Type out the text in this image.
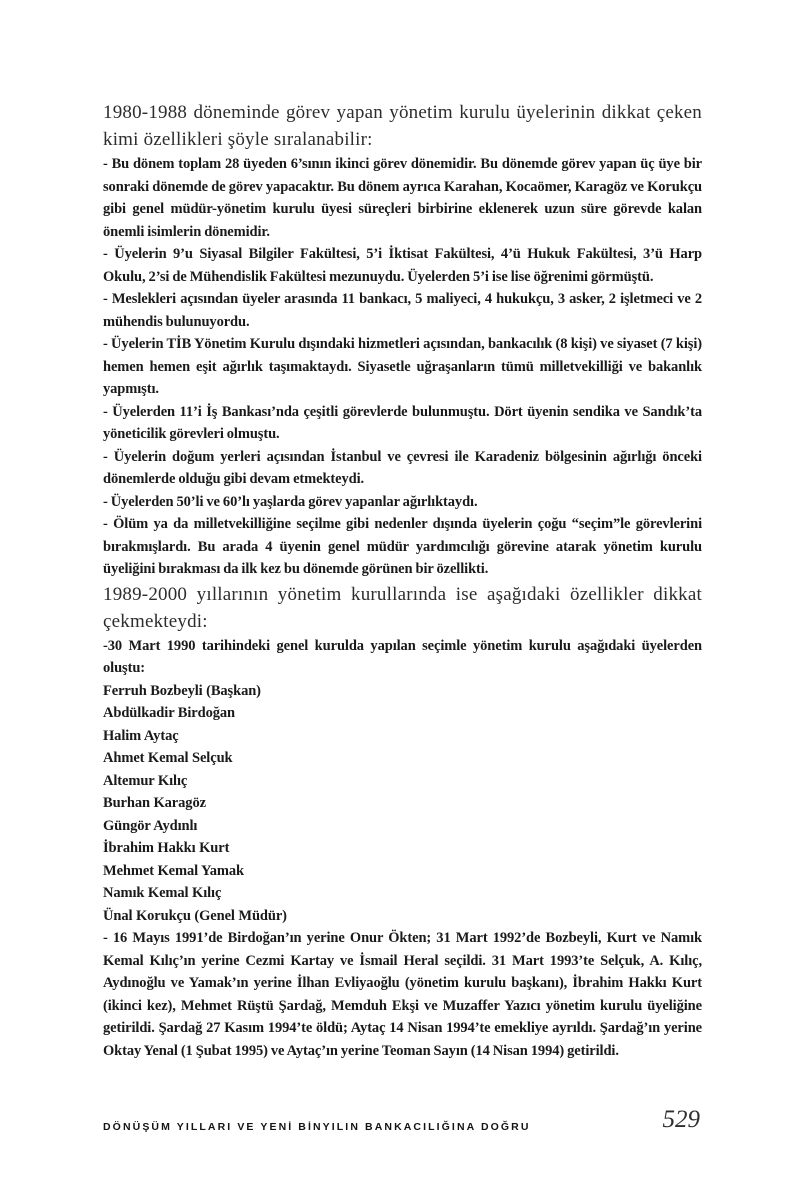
1980-1988 döneminde görev yapan yönetim kurulu üyelerinin dikkat çeken kimi özellikleri şöyle sıralanabilir:

- Bu dönem toplam 28 üyeden 6’sının ikinci görev dönemidir. Bu dönemde görev yapan üç üye bir sonraki dönemde de görev yapacaktır. Bu dönem ayrıca Karahan, Kocaömer, Karagöz ve Korukçu gibi genel müdür-yönetim kurulu üyesi süreçleri birbirine eklenerek uzun süre görevde kalan önemli isimlerin dönemidir.

- Üyelerin 9’u Siyasal Bilgiler Fakültesi, 5’i İktisat Fakültesi, 4’ü Hukuk Fakültesi, 3’ü Harp Okulu, 2’si de Mühendislik Fakültesi mezunuydu. Üyelerden 5’i ise lise öğrenimi görmüştü.

- Meslekleri açısından üyeler arasında 11 bankacı, 5 maliyeci, 4 hukukçu, 3 asker, 2 işletmeci ve 2 mühendis bulunuyordu.

- Üyelerin TİB Yönetim Kurulu dışındaki hizmetleri açısından, bankacılık (8 kişi) ve siyaset (7 kişi) hemen hemen eşit ağırlık taşımaktaydı. Siyasetle uğraşanların tümü milletvekilliği ve bakanlık yapmıştı.

- Üyelerden 11’i İş Bankası’nda çeşitli görevlerde bulunmuştu. Dört üyenin sendika ve Sandık’ta yöneticilik görevleri olmuştu.

- Üyelerin doğum yerleri açısından İstanbul ve çevresi ile Karadeniz bölgesinin ağırlığı önceki dönemlerde olduğu gibi devam etmekteydi.

- Üyelerden 50’li ve 60’lı yaşlarda görev yapanlar ağırlıktaydı.

- Ölüm ya da milletvekilliğine seçilme gibi nedenler dışında üyelerin çoğu “seçim”le görevlerini bırakmışlardı. Bu arada 4 üyenin genel müdür yardımcılığı görevine atarak yönetim kurulu üyeliğini bırakması da ilk kez bu dönemde görünen bir özellikti.

1989-2000 yıllarının yönetim kurullarında ise aşağıdaki özellikler dikkat çekmekteydi:

-30 Mart 1990 tarihindeki genel kurulda yapılan seçimle yönetim kurulu aşağıdaki üyelerden oluştu:

Ferruh Bozbeyli (Başkan)
Abdülkadir Birdoğan
Halim Aytaç
Ahmet Kemal Selçuk
Altemur Kılıç
Burhan Karagöz
Güngör Aydınlı
İbrahim Hakkı Kurt
Mehmet Kemal Yamak
Namık Kemal Kılıç
Ünal Korukçu (Genel Müdür)

- 16 Mayıs 1991’de Birdoğan’ın yerine Onur Ökten; 31 Mart 1992’de Bozbeyli, Kurt ve Namık Kemal Kılıç’ın yerine Cezmi Kartay ve İsmail Heral seçildi. 31 Mart 1993’te Selçuk, A. Kılıç, Aydınoğlu ve Yamak’ın yerine İlhan Evliyaoğlu (yönetim kurulu başkanı), İbrahim Hakkı Kurt (ikinci kez), Mehmet Rüştü Şardağ, Memduh Ekşi ve Muzaffer Yazıcı yönetim kurulu üyeliğine getirildi. Şardağ 27 Kasım 1994’te öldü; Aytaç 14 Nisan 1994’te emekliye ayrıldı. Şardağ’ın yerine Oktay Yenal (1 Şubat 1995) ve Aytaç’ın yerine Teoman Sayın (14 Nisan 1994) getirildi.

DÖNÜŞÜM YILLARI VE YENİ BİNYILIN BANKACILIĞINA DOĞRU	529
